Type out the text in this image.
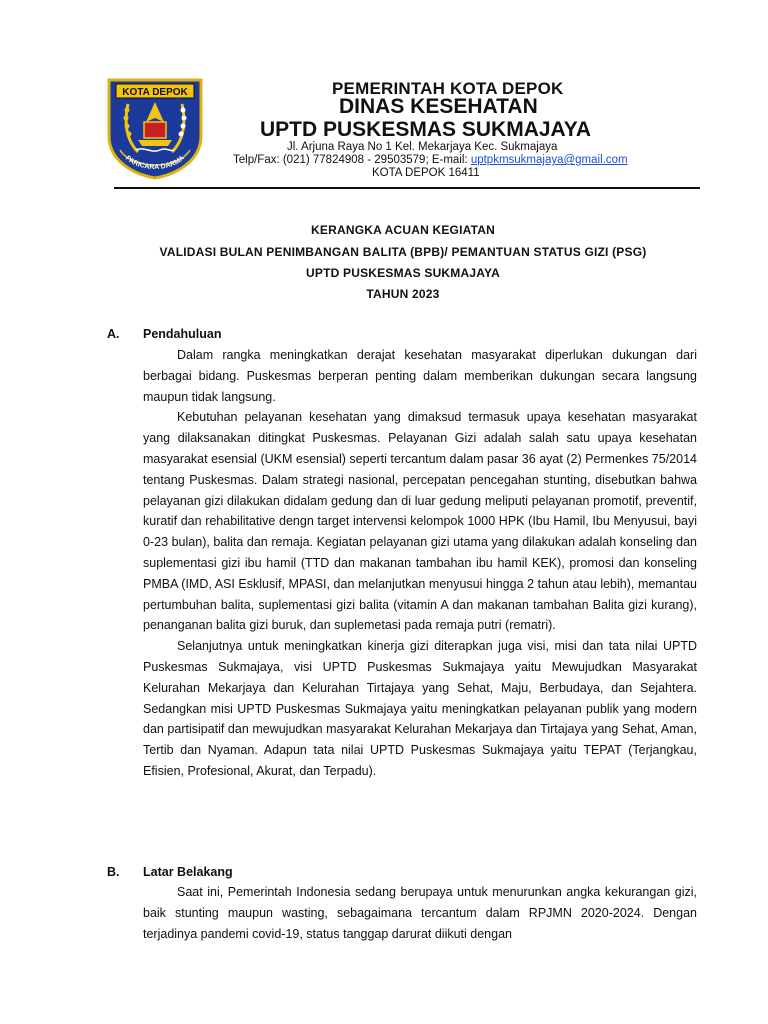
KOTA DEPOK
PARICARA DARMA
PEMERINTAH KOTA DEPOK
DINAS KESEHATAN
UPTD PUSKESMAS SUKMAJAYA
Jl. Arjuna Raya No 1 Kel. Mekarjaya Kec. Sukmajaya
Telp/Fax: (021) 77824908 - 29503579; E-mail: uptpkmsukmajaya@gmail.com
KOTA DEPOK 16411
KERANGKA ACUAN KEGIATAN
VALIDASI BULAN PENIMBANGAN BALITA (BPB)/ PEMANTUAN STATUS GIZI (PSG)
UPTD PUSKESMAS SUKMAJAYA
TAHUN 2023
A. Pendahuluan

Dalam rangka meningkatkan derajat kesehatan masyarakat diperlukan dukungan dari berbagai bidang. Puskesmas berperan penting dalam memberikan dukungan secara langsung maupun tidak langsung.

Kebutuhan pelayanan kesehatan yang dimaksud termasuk upaya kesehatan masyarakat yang dilaksanakan ditingkat Puskesmas. Pelayanan Gizi adalah salah satu upaya kesehatan masyarakat esensial (UKM esensial) seperti tercantum dalam pasar 36 ayat (2) Permenkes 75/2014 tentang Puskesmas. Dalam strategi nasional, percepatan pencegahan stunting, disebutkan bahwa pelayanan gizi dilakukan didalam gedung dan di luar gedung meliputi pelayanan promotif, preventif, kuratif dan rehabilitative dengn target intervensi kelompok 1000 HPK (Ibu Hamil, Ibu Menyusui, bayi 0-23 bulan), balita dan remaja. Kegiatan pelayanan gizi utama yang dilakukan adalah konseling dan suplementasi gizi ibu hamil (TTD dan makanan tambahan ibu hamil KEK), promosi dan konseling PMBA (IMD, ASI Esklusif, MPASI, dan melanjutkan menyusui hingga 2 tahun atau lebih), memantau pertumbuhan balita, suplementasi gizi balita (vitamin A dan makanan tambahan Balita gizi kurang), penanganan balita gizi buruk, dan suplemetasi pada remaja putri (rematri).

Selanjutnya untuk meningkatkan kinerja gizi diterapkan juga visi, misi dan tata nilai UPTD Puskesmas Sukmajaya, visi UPTD Puskesmas Sukmajaya yaitu Mewujudkan Masyarakat Kelurahan Mekarjaya dan Kelurahan Tirtajaya yang Sehat, Maju, Berbudaya, dan Sejahtera. Sedangkan misi UPTD Puskesmas Sukmajaya yaitu meningkatkan pelayanan publik yang modern dan partisipatif dan mewujudkan masyarakat Kelurahan Mekarjaya dan Tirtajaya yang Sehat, Aman, Tertib dan Nyaman. Adapun tata nilai UPTD Puskesmas Sukmajaya yaitu TEPAT (Terjangkau, Efisien, Profesional, Akurat, dan Terpadu).

B. Latar Belakang

Saat ini, Pemerintah Indonesia sedang berupaya untuk menurunkan angka kekurangan gizi, baik stunting maupun wasting, sebagaimana tercantum dalam RPJMN 2020-2024. Dengan terjadinya pandemi covid-19, status tanggap darurat diikuti dengan
